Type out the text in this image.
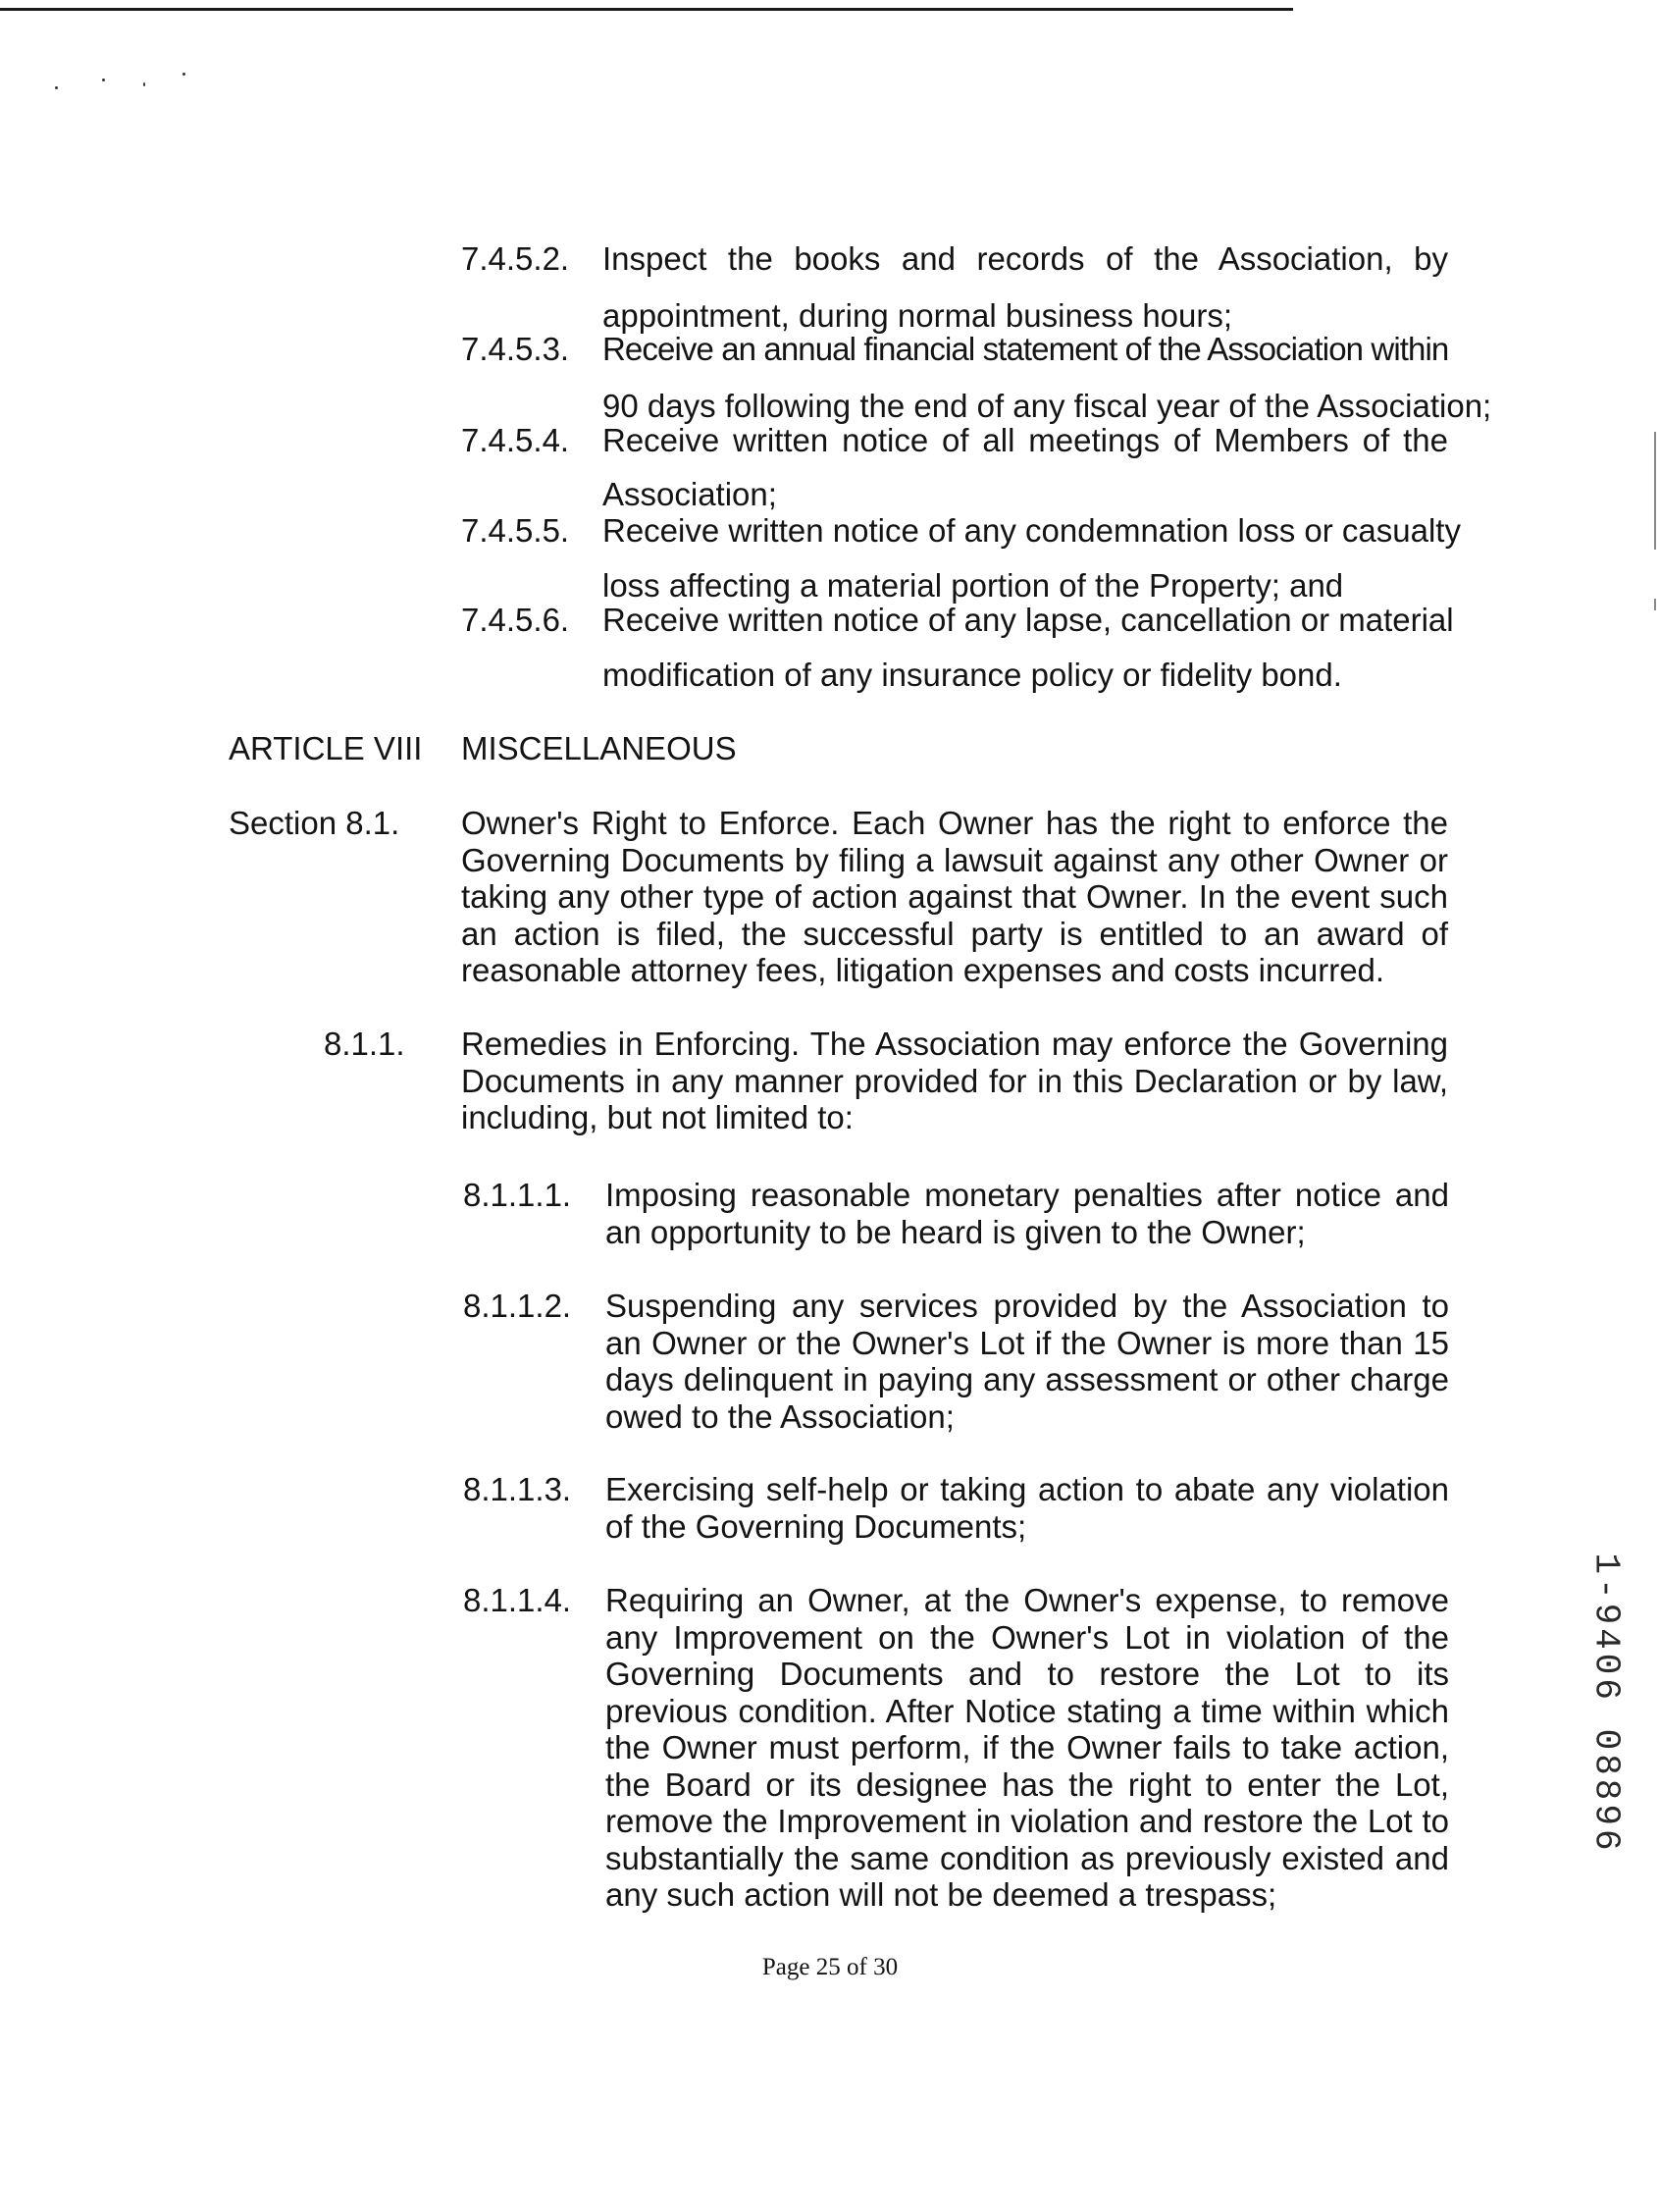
7.4.5.2. Inspect the books and records of the Association, by

appointment, during normal business hours;

7.4.5.3. Receive an annual financial statement of the Association within

90 days following the end of any fiscal year of the Association;

7.4.5.4. Receive written notice of all meetings of Members of the

Association;

7.4.5.5. Receive written notice of any condemnation loss or casualty

loss affecting a material portion of the Property; and

7.4.5.6. Receive written notice of any lapse, cancellation or material

modification of any insurance policy or fidelity bond.

ARTICLE VIII MISCELLANEOUS

Section 8.1. Owner's Right to Enforce. Each Owner has the right to enforce the Governing Documents by filing a lawsuit against any other Owner or taking any other type of action against that Owner. In the event such an action is filed, the successful party is entitled to an award of reasonable attorney fees, litigation expenses and costs incurred.

8.1.1. Remedies in Enforcing. The Association may enforce the Governing Documents in any manner provided for in this Declaration or by law, including, but not limited to:

8.1.1.1. Imposing reasonable monetary penalties after notice and an opportunity to be heard is given to the Owner;

8.1.1.2. Suspending any services provided by the Association to an Owner or the Owner's Lot if the Owner is more than 15 days delinquent in paying any assessment or other charge owed to the Association;

8.1.1.3. Exercising self-help or taking action to abate any violation of the Governing Documents;

8.1.1.4. Requiring an Owner, at the Owner's expense, to remove any Improvement on the Owner's Lot in violation of the Governing Documents and to restore the Lot to its previous condition. After Notice stating a time within which the Owner must perform, if the Owner fails to take action, the Board or its designee has the right to enter the Lot, remove the Improvement in violation and restore the Lot to substantially the same condition as previously existed and any such action will not be deemed a trespass;

Page 25 of 30

1-9406 08896
